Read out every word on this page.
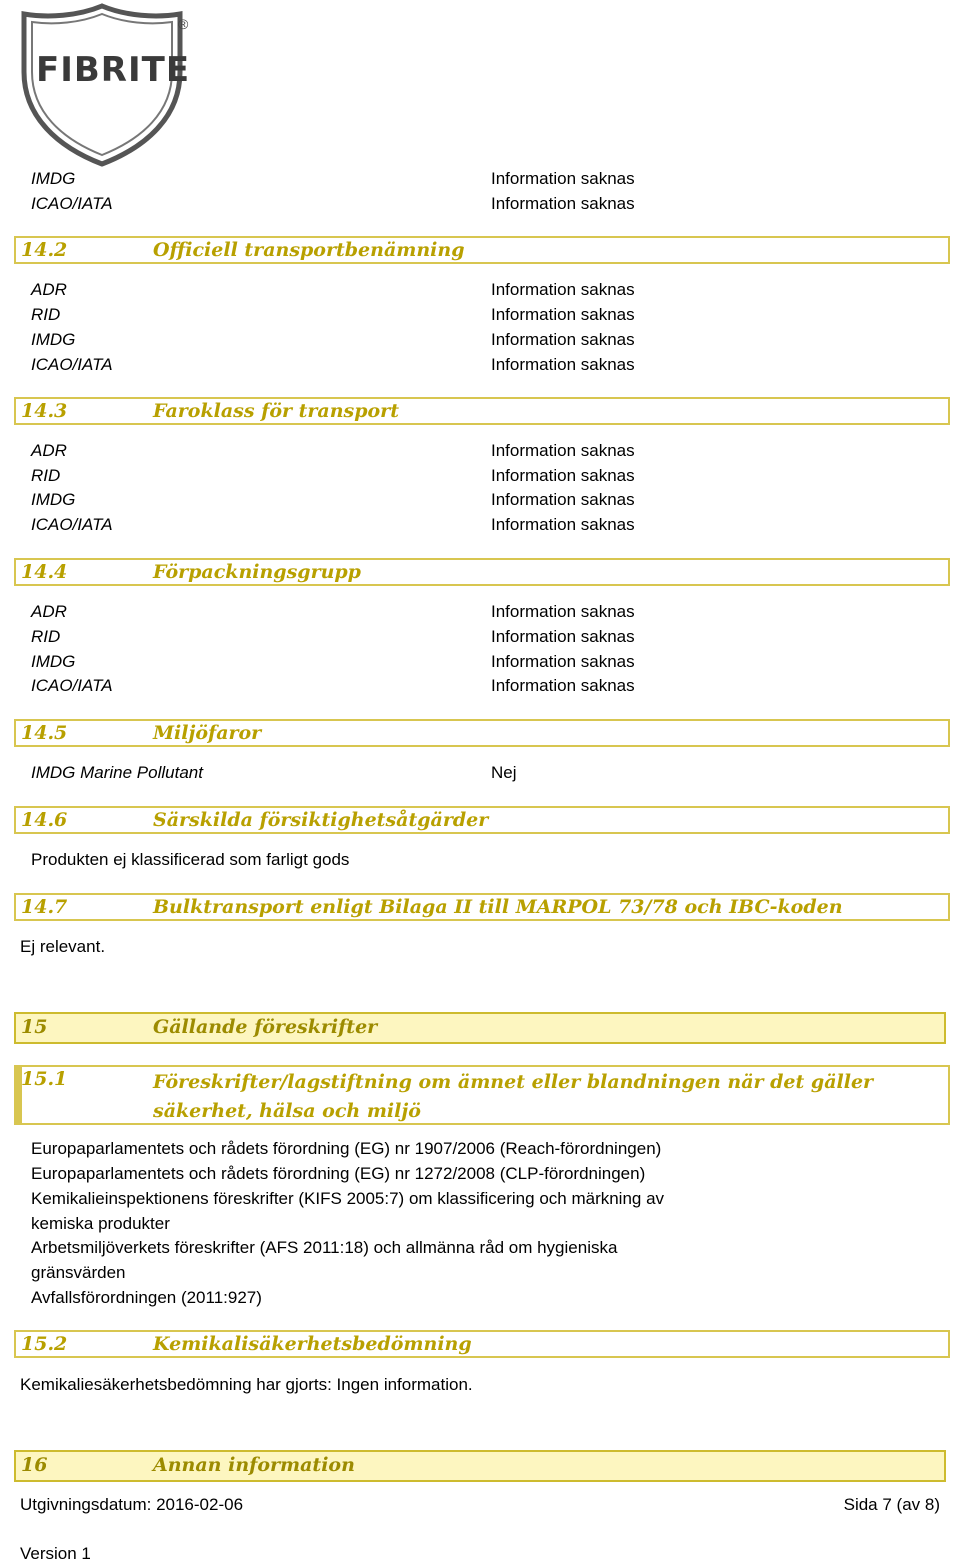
FIBRITE
®
IMDG	Information saknas
ICAO/IATA	Information saknas
14.2	Officiell transportbenämning
ADR	Information saknas
RID	Information saknas
IMDG	Information saknas
ICAO/IATA	Information saknas
14.3	Faroklass för transport
ADR	Information saknas
RID	Information saknas
IMDG	Information saknas
ICAO/IATA	Information saknas
14.4	Förpackningsgrupp
ADR	Information saknas
RID	Information saknas
IMDG	Information saknas
ICAO/IATA	Information saknas
14.5	Miljöfaror
IMDG Marine Pollutant	Nej
14.6	Särskilda försiktighetsåtgärder
Produkten ej klassificerad som farligt gods
14.7	Bulktransport enligt Bilaga II till MARPOL 73/78 och IBC-koden
Ej relevant.
15	Gällande föreskrifter
15.1	Föreskrifter/lagstiftning om ämnet eller blandningen när det gäller säkerhet, hälsa och miljö
Europaparlamentets och rådets förordning (EG) nr 1907/2006 (Reach-förordningen)
Europaparlamentets och rådets förordning (EG) nr 1272/2008 (CLP-förordningen)
Kemikalieinspektionens föreskrifter (KIFS 2005:7) om klassificering och märkning av
kemiska produkter
Arbetsmiljöverkets föreskrifter (AFS 2011:18) och allmänna råd om hygieniska
gränsvärden
Avfallsförordningen (2011:927)
15.2	Kemikalisäkerhetsbedömning
Kemikaliesäkerhetsbedömning har gjorts: Ingen information.
16	Annan information
Utgivningsdatum: 2016-02-06	Sida 7 (av 8)
Version 1
